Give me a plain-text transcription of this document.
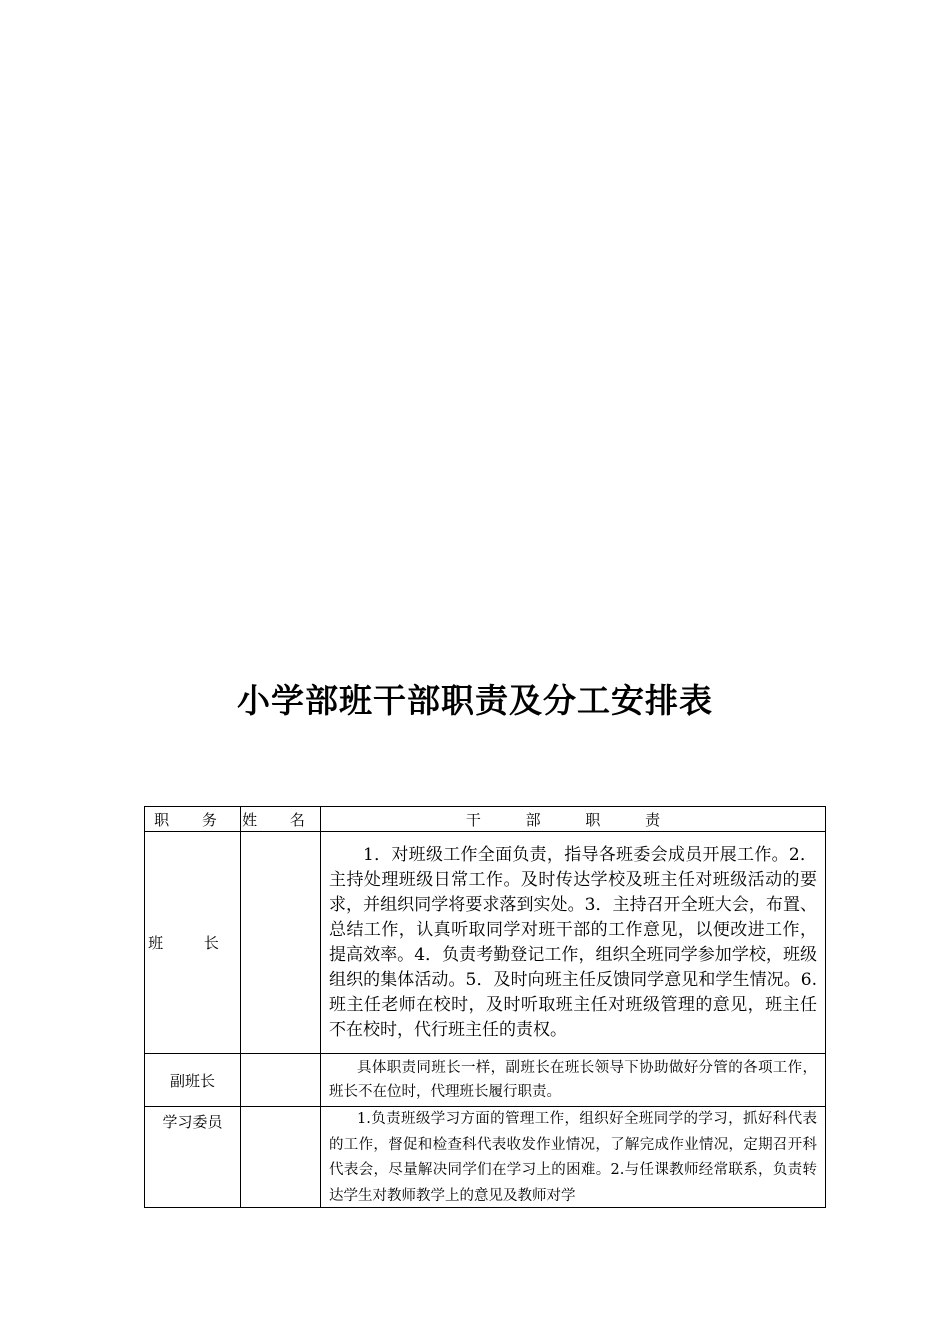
小学部班干部职责及分工安排表
职 务	姓 名	干 部 职 责
班 长		1．对班级工作全面负责，指导各班委会成员开展工作。2．主持处理班级日常工作。及时传达学校及班主任对班级活动的要求，并组织同学将要求落到实处。3．主持召开全班大会，布置、总结工作，认真听取同学对班干部的工作意见，以便改进工作，提高效率。4．负责考勤登记工作，组织全班同学参加学校，班级组织的集体活动。5．及时向班主任反馈同学意见和学生情况。6.班主任老师在校时，及时听取班主任对班级管理的意见，班主任不在校时，代行班主任的责权。

副班长		具体职责同班长一样，副班长在班长领导下协助做好分管的各项工作，班长不在位时，代理班长履行职责。

学习委员		1.负责班级学习方面的管理工作，组织好全班同学的学习，抓好科代表的工作，督促和检查科代表收发作业情况，了解完成作业情况，定期召开科代表会，尽量解决同学们在学习上的困难。2.与任课教师经常联系，负责转达学生对教师教学上的意见及教师对学
